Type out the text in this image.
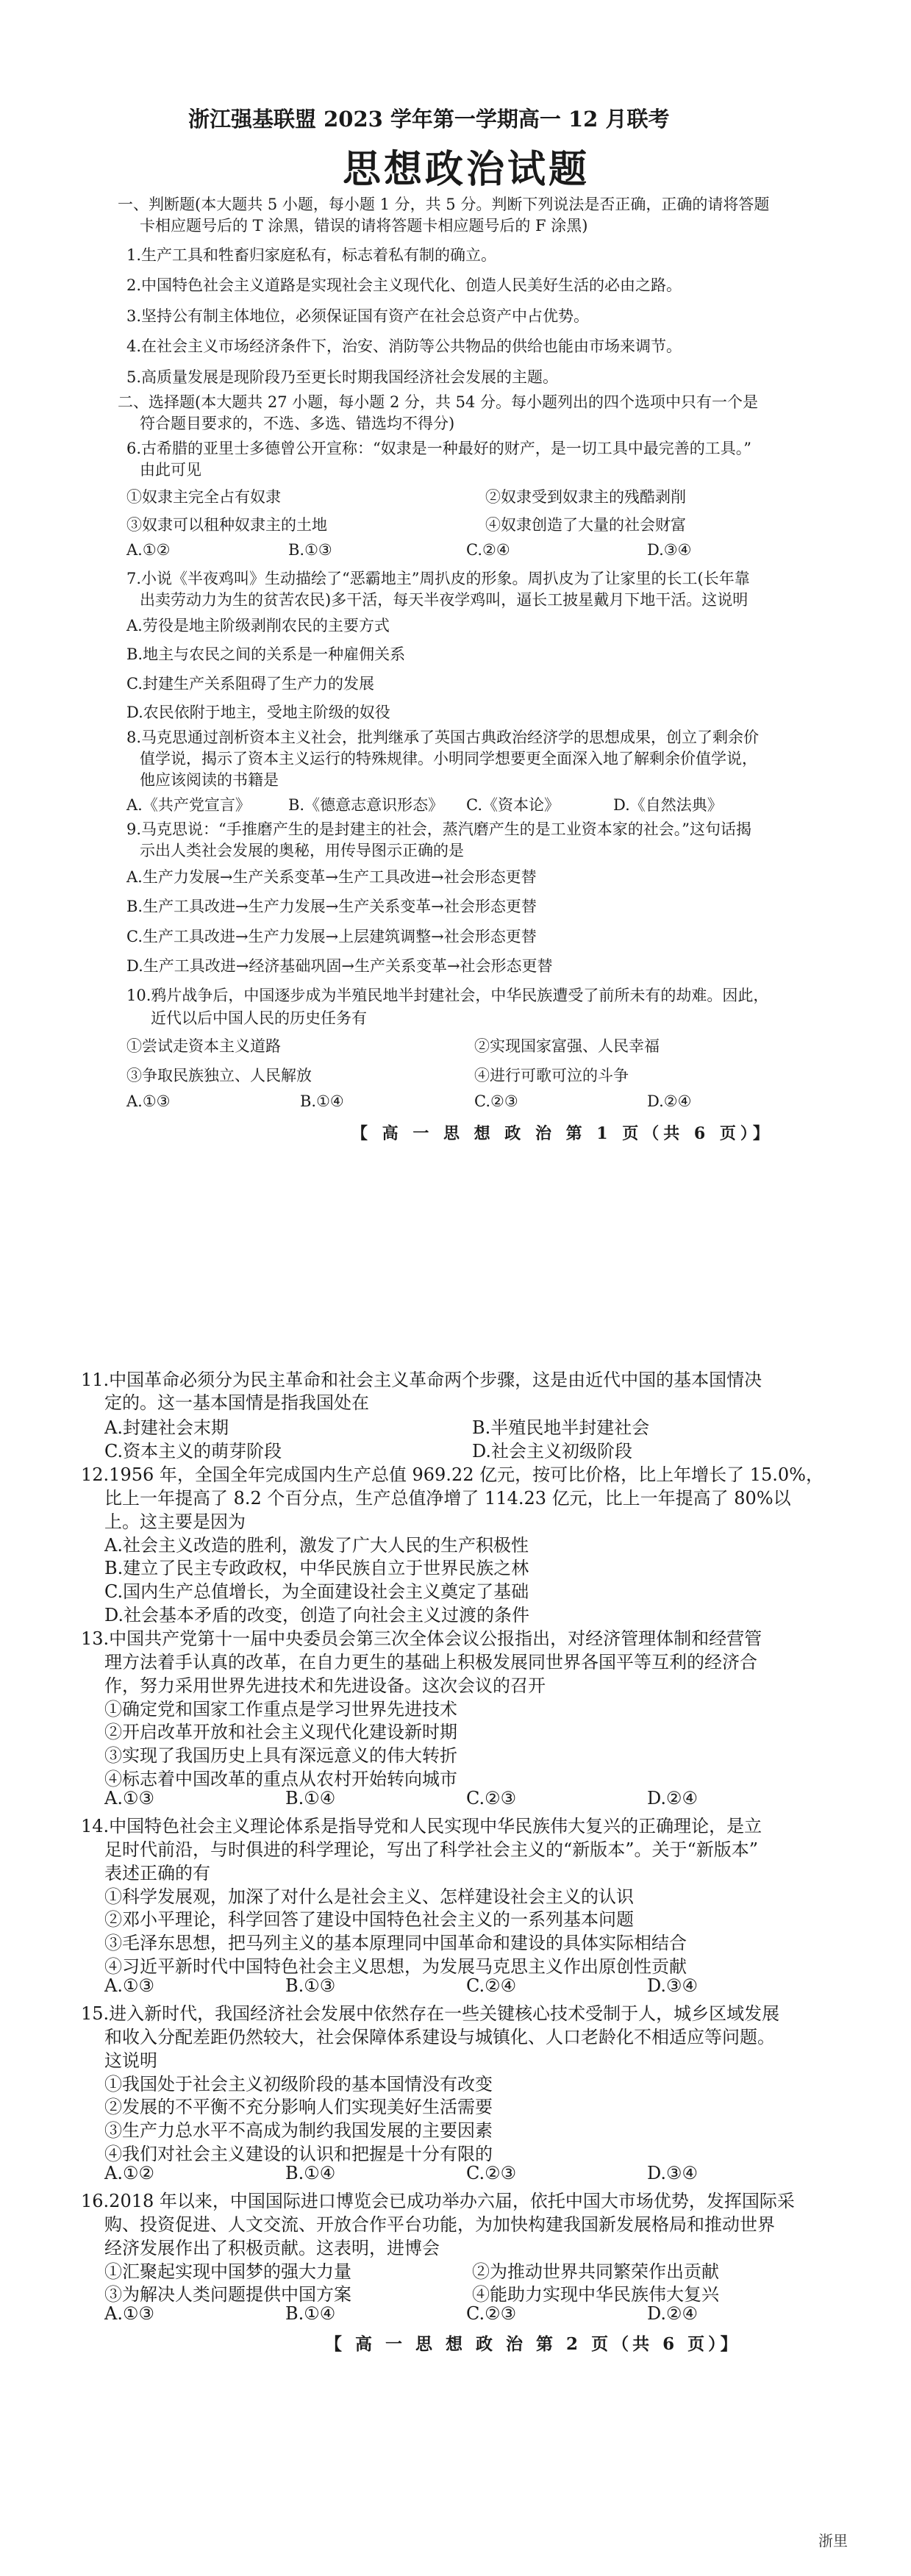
浙江强基联盟 2023 学年第一学期高一 12 月联考
思想政治试题
一、判断题(本大题共 5 小题，每小题 1 分，共 5 分。判断下列说法是否正确，正确的请将答题
卡相应题号后的 T 涂黑，错误的请将答题卡相应题号后的 F 涂黑)
1.生产工具和牲畜归家庭私有，标志着私有制的确立。
2.中国特色社会主义道路是实现社会主义现代化、创造人民美好生活的必由之路。
3.坚持公有制主体地位，必须保证国有资产在社会总资产中占优势。
4.在社会主义市场经济条件下，治安、消防等公共物品的供给也能由市场来调节。
5.高质量发展是现阶段乃至更长时期我国经济社会发展的主题。
二、选择题(本大题共 27 小题，每小题 2 分，共 54 分。每小题列出的四个选项中只有一个是
符合题目要求的，不选、多选、错选均不得分)
6.古希腊的亚里士多德曾公开宣称：“奴隶是一种最好的财产，是一切工具中最完善的工具。”
由此可见
①奴隶主完全占有奴隶	②奴隶受到奴隶主的残酷剥削
③奴隶可以租种奴隶主的土地	④奴隶创造了大量的社会财富
A.①②	B.①③	C.②④	D.③④
7.小说《半夜鸡叫》生动描绘了“恶霸地主”周扒皮的形象。周扒皮为了让家里的长工(长年靠
出卖劳动力为生的贫苦农民)多干活，每天半夜学鸡叫，逼长工披星戴月下地干活。这说明
A.劳役是地主阶级剥削农民的主要方式
B.地主与农民之间的关系是一种雇佣关系
C.封建生产关系阻碍了生产力的发展
D.农民依附于地主，受地主阶级的奴役
8.马克思通过剖析资本主义社会，批判继承了英国古典政治经济学的思想成果，创立了剩余价
值学说，揭示了资本主义运行的特殊规律。小明同学想要更全面深入地了解剩余价值学说，
他应该阅读的书籍是
A.《共产党宣言》 B.《德意志意识形态》 C.《资本论》	D.《自然法典》
9.马克思说：“手推磨产生的是封建主的社会，蒸汽磨产生的是工业资本家的社会。”这句话揭
示出人类社会发展的奥秘，用传导图示正确的是
A.生产力发展→生产关系变革→生产工具改进→社会形态更替
B.生产工具改进→生产力发展→生产关系变革→社会形态更替
C.生产工具改进→生产力发展→上层建筑调整→社会形态更替
D.生产工具改进→经济基础巩固→生产关系变革→社会形态更替
10.鸦片战争后，中国逐步成为半殖民地半封建社会，中华民族遭受了前所未有的劫难。因此，
近代以后中国人民的历史任务有
①尝试走资本主义道路	②实现国家富强、人民幸福
③争取民族独立、人民解放	④进行可歌可泣的斗争
A.①③	B.①④	C.②③	D.②④
【 高 一 思 想 政 治 第 1 页（共 6 页）】
11.中国革命必须分为民主革命和社会主义革命两个步骤，这是由近代中国的基本国情决
定的。这一基本国情是指我国处在
A.封建社会末期	B.半殖民地半封建社会
C.资本主义的萌芽阶段	D.社会主义初级阶段
12.1956 年，全国全年完成国内生产总值 969.22 亿元，按可比价格，比上年增长了 15.0%，
比上一年提高了 8.2 个百分点，生产总值净增了 114.23 亿元，比上一年提高了 80%以
上。这主要是因为
A.社会主义改造的胜利，激发了广大人民的生产积极性
B.建立了民主专政政权，中华民族自立于世界民族之林
C.国内生产总值增长，为全面建设社会主义奠定了基础
D.社会基本矛盾的改变，创造了向社会主义过渡的条件
13.中国共产党第十一届中央委员会第三次全体会议公报指出，对经济管理体制和经营管
理方法着手认真的改革，在自力更生的基础上积极发展同世界各国平等互利的经济合
作，努力采用世界先进技术和先进设备。这次会议的召开
①确定党和国家工作重点是学习世界先进技术
②开启改革开放和社会主义现代化建设新时期
③实现了我国历史上具有深远意义的伟大转折
④标志着中国改革的重点从农村开始转向城市
A.①③	B.①④	C.②③	D.②④
14.中国特色社会主义理论体系是指导党和人民实现中华民族伟大复兴的正确理论，是立
足时代前沿，与时俱进的科学理论，写出了科学社会主义的“新版本”。关于“新版本”
表述正确的有
①科学发展观，加深了对什么是社会主义、怎样建设社会主义的认识
②邓小平理论，科学回答了建设中国特色社会主义的一系列基本问题
③毛泽东思想，把马列主义的基本原理同中国革命和建设的具体实际相结合
④习近平新时代中国特色社会主义思想，为发展马克思主义作出原创性贡献
A.①③	B.①③	C.②④	D.③④
15.进入新时代，我国经济社会发展中依然存在一些关键核心技术受制于人，城乡区域发展
和收入分配差距仍然较大，社会保障体系建设与城镇化、人口老龄化不相适应等问题。
这说明
①我国处于社会主义初级阶段的基本国情没有改变
②发展的不平衡不充分影响人们实现美好生活需要
③生产力总水平不高成为制约我国发展的主要因素
④我们对社会主义建设的认识和把握是十分有限的
A.①②	B.①④	C.②③	D.③④
16.2018 年以来，中国国际进口博览会已成功举办六届，依托中国大市场优势，发挥国际采
购、投资促进、人文交流、开放合作平台功能，为加快构建我国新发展格局和推动世界
经济发展作出了积极贡献。这表明，进博会
①汇聚起实现中国梦的强大力量	②为推动世界共同繁荣作出贡献
③为解决人类问题提供中国方案	④能助力实现中华民族伟大复兴
A.①③	B.①④	C.②③	D.②④
【 高 一 思 想 政 治 第 2 页（共 6 页）】
浙里
